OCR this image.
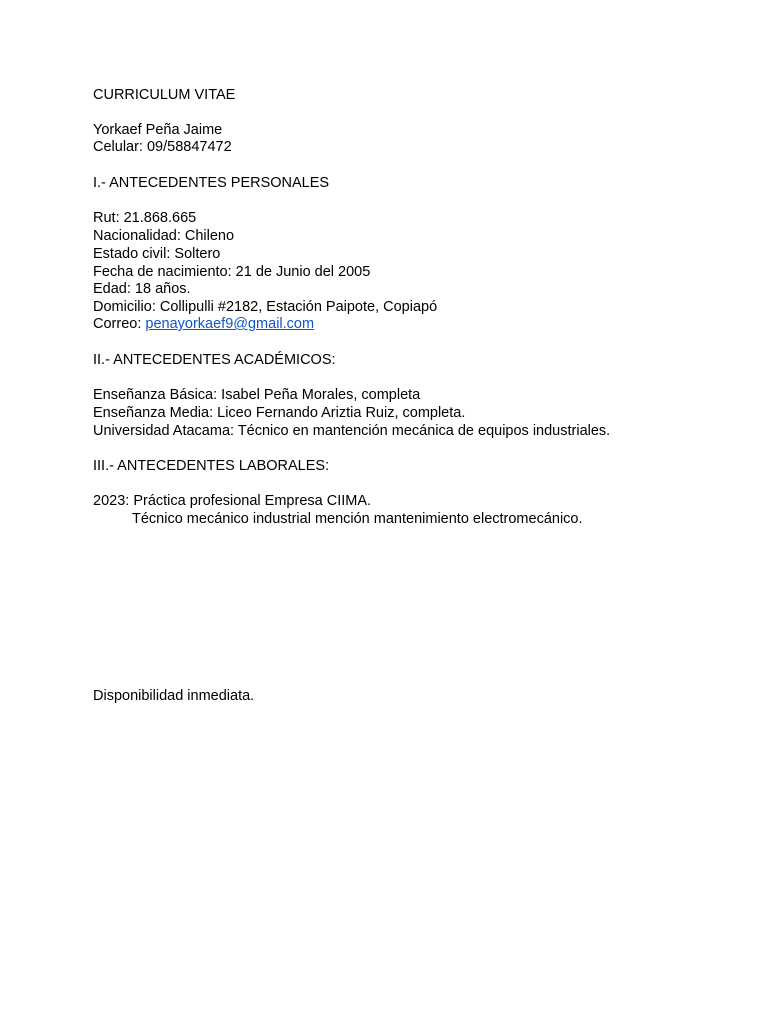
CURRICULUM VITAE
Yorkaef Peña Jaime
Celular: 09/58847472
I.- ANTECEDENTES PERSONALES
Rut: 21.868.665
Nacionalidad: Chileno
Estado civil: Soltero
Fecha de nacimiento: 21 de Junio del 2005
Edad: 18 años.
Domicilio: Collipulli #2182, Estación Paipote, Copiapó
Correo: penayorkaef9@gmail.com
II.- ANTECEDENTES ACADÉMICOS:
Enseñanza Básica: Isabel Peña Morales, completa
Enseñanza Media: Liceo Fernando Ariztia Ruiz, completa.
Universidad Atacama: Técnico en mantención mecánica de equipos industriales.
III.- ANTECEDENTES LABORALES:
2023: Práctica profesional Empresa CIIMA.
Técnico mecánico industrial mención mantenimiento electromecánico.
Disponibilidad inmediata.
